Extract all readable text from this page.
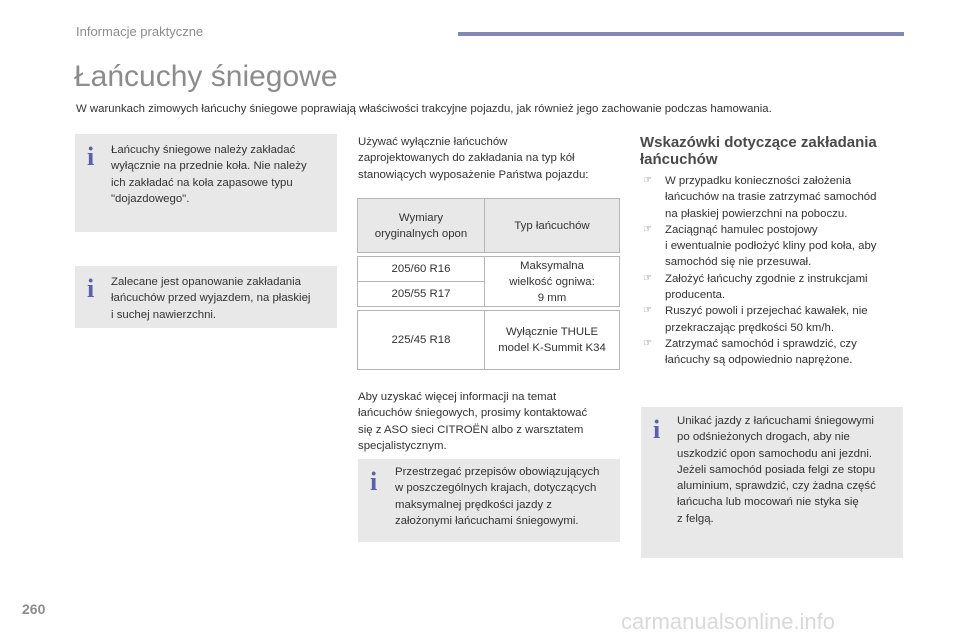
Informacje praktyczne
Łańcuchy śniegowe
W warunkach zimowych łańcuchy śniegowe poprawiają właściwości trakcyjne pojazdu, jak również jego zachowanie podczas hamowania.
i Łańcuchy śniegowe należy zakładać
wyłącznie na przednie koła. Nie należy
ich zakładać na koła zapasowe typu
"dojazdowego".
i Zalecane jest opanowanie zakładania
łańcuchów przed wyjazdem, na płaskiej
i suchej nawierzchni.
Używać wyłącznie łańcuchów
zaprojektowanych do zakładania na typ kół
stanowiących wyposażenie Państwa pojazdu:
Wymiary
oryginalnych opon	Typ łańcuchów

205/60 R16	Maksymalna
wielkość ogniwa:
9 mm
205/55 R17	

225/45 R18	Wyłącznie THULE
model K-Summit K34
Aby uzyskać więcej informacji na temat
łańcuchów śniegowych, prosimy kontaktować
się z ASO sieci CITROËN albo z warsztatem
specjalistycznym.
i Przestrzegać przepisów obowiązujących
w poszczególnych krajach, dotyczących
maksymalnej prędkości jazdy z
założonymi łańcuchami śniegowymi.
Wskazówki dotyczące zakładania
łańcuchów
☞ W przypadku konieczności założenia
łańcuchów na trasie zatrzymać samochód
na płaskiej powierzchni na poboczu.
☞ Zaciągnąć hamulec postojowy
i ewentualnie podłożyć kliny pod koła, aby
samochód się nie przesuwał.
☞ Założyć łańcuchy zgodnie z instrukcjami
producenta.
☞ Ruszyć powoli i przejechać kawałek, nie
przekraczając prędkości 50 km/h.
☞ Zatrzymać samochód i sprawdzić, czy
łańcuchy są odpowiednio naprężone.
i Unikać jazdy z łańcuchami śniegowymi
po odśnieżonych drogach, aby nie
uszkodzić opon samochodu ani jezdni.
Jeżeli samochód posiada felgi ze stopu
aluminium, sprawdzić, czy żadna część
łańcucha lub mocowań nie styka się
z felgą.
260	carmanualsonline.info
